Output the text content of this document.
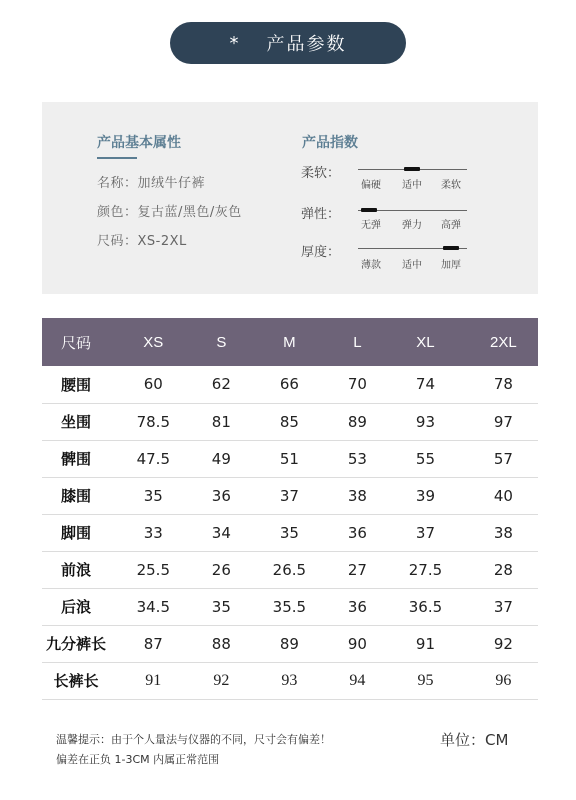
* 产品参数
产品基本属性
名称：加绒牛仔裤
颜色：复古蓝/黑色/灰色
尺码：XS-2XL
产品指数
柔软：
偏硬	适中	柔软
弹性：
无弹	弹力	高弹
厚度：
薄款	适中	加厚
尺码	XS	S	M	L	XL	2XL
腰围	60	62	66	70	74	78
坐围	78.5	81	85	89	93	97
髀围	47.5	49	51	53	55	57
膝围	35	36	37	38	39	40
脚围	33	34	35	36	37	38
前浪	25.5	26	26.5	27	27.5	28
后浪	34.5	35	35.5	36	36.5	37
九分裤长	87	88	89	90	91	92
长裤长	91	92	93	94	95	96
温馨提示：由于个人量法与仪器的不同，尺寸会有偏差！
偏差在正负 1-3CM 内属正常范围
单位：CM
